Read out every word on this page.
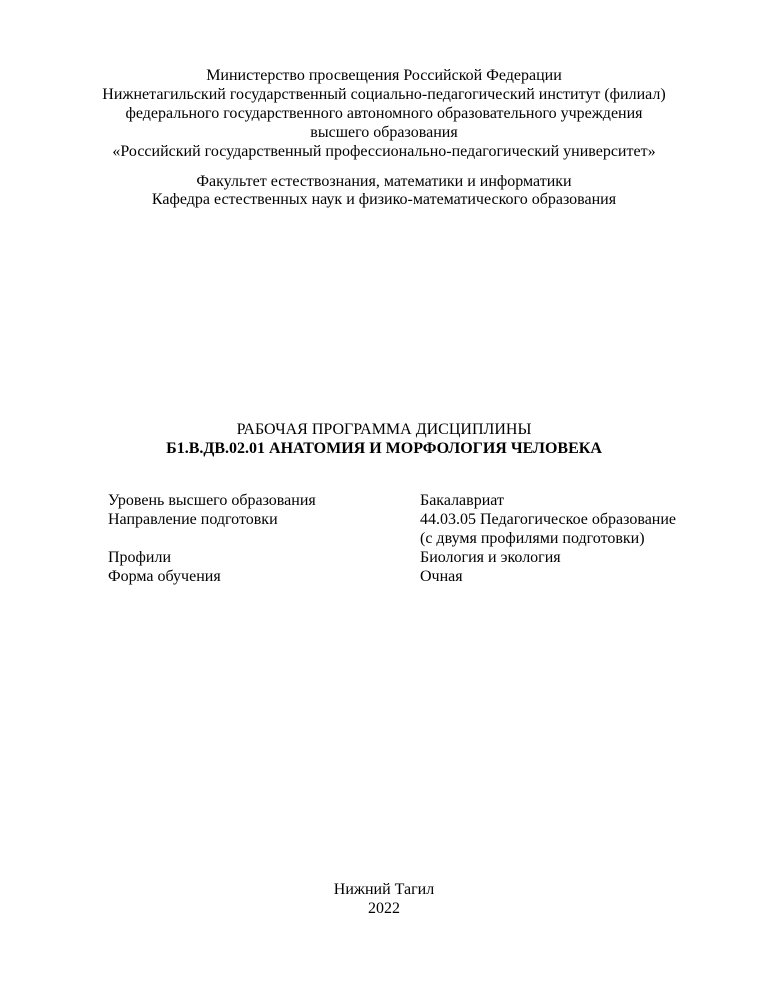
Министерство просвещения Российской Федерации
Нижнетагильский государственный социально-педагогический институт (филиал)
федерального государственного автономного образовательного учреждения
высшего образования
«Российский государственный профессионально-педагогический университет»
Факультет естествознания, математики и информатики
Кафедра естественных наук и физико-математического образования
РАБОЧАЯ ПРОГРАММА ДИСЦИПЛИНЫ
Б1.В.ДВ.02.01 АНАТОМИЯ И МОРФОЛОГИЯ ЧЕЛОВЕКА
Уровень высшего образования	Бакалавриат
Направление подготовки	44.03.05 Педагогическое образование
(с двумя профилями подготовки)
Профили	Биология и экология
Форма обучения	Очная
Нижний Тагил
2022
